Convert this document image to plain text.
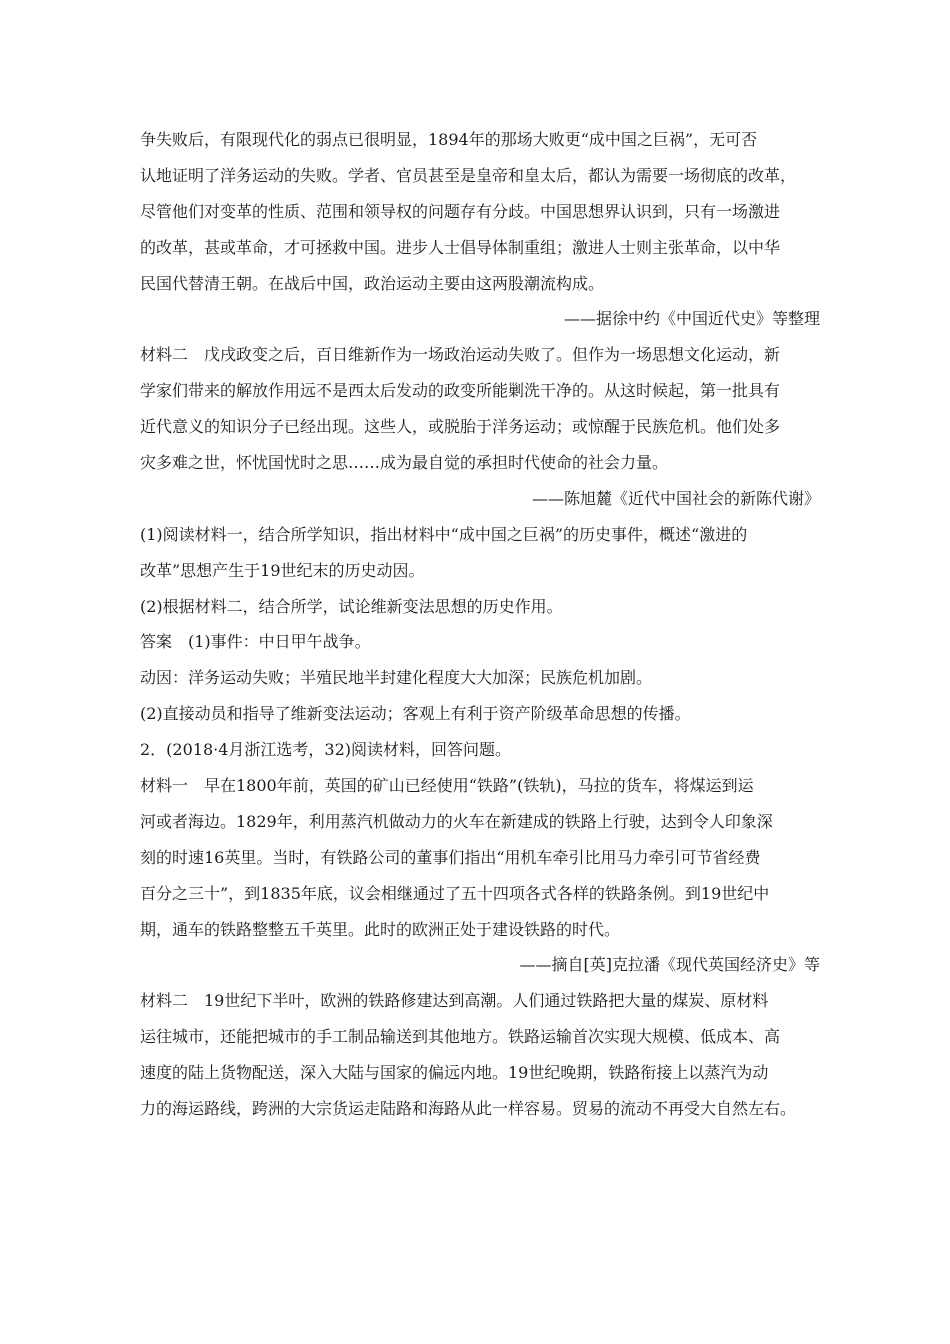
争失败后，有限现代化的弱点已很明显，1894年的那场大败更“成中国之巨祸”，无可否
认地证明了洋务运动的失败。学者、官员甚至是皇帝和皇太后，都认为需要一场彻底的改革，
尽管他们对变革的性质、范围和领导权的问题存有分歧。中国思想界认识到，只有一场激进
的改革，甚或革命，才可拯救中国。进步人士倡导体制重组；激进人士则主张革命，以中华
民国代替清王朝。在战后中国，政治运动主要由这两股潮流构成。
——据徐中约《中国近代史》等整理
材料二　戊戌政变之后，百日维新作为一场政治运动失败了。但作为一场思想文化运动，新
学家们带来的解放作用远不是西太后发动的政变所能剿洗干净的。从这时候起，第一批具有
近代意义的知识分子已经出现。这些人，或脱胎于洋务运动；或惊醒于民族危机。他们处多
灾多难之世，怀忧国忧时之思……成为最自觉的承担时代使命的社会力量。
——陈旭麓《近代中国社会的新陈代谢》
(1)阅读材料一，结合所学知识，指出材料中“成中国之巨祸”的历史事件，概述“激进的
改革”思想产生于19世纪末的历史动因。
(2)根据材料二，结合所学，试论维新变法思想的历史作用。
答案　(1)事件：中日甲午战争。
动因：洋务运动失败；半殖民地半封建化程度大大加深；民族危机加剧。
(2)直接动员和指导了维新变法运动；客观上有利于资产阶级革命思想的传播。
2．(2018·4月浙江选考，32)阅读材料，回答问题。
材料一　早在1800年前，英国的矿山已经使用“铁路”(铁轨)，马拉的货车，将煤运到运
河或者海边。1829年，利用蒸汽机做动力的火车在新建成的铁路上行驶，达到令人印象深
刻的时速16英里。当时，有铁路公司的董事们指出“用机车牵引比用马力牵引可节省经费
百分之三十”，到1835年底，议会相继通过了五十四项各式各样的铁路条例。到19世纪中
期，通车的铁路整整五千英里。此时的欧洲正处于建设铁路的时代。
——摘自[英]克拉潘《现代英国经济史》等
材料二　19世纪下半叶，欧洲的铁路修建达到高潮。人们通过铁路把大量的煤炭、原材料
运往城市，还能把城市的手工制品输送到其他地方。铁路运输首次实现大规模、低成本、高
速度的陆上货物配送，深入大陆与国家的偏远内地。19世纪晚期，铁路衔接上以蒸汽为动
力的海运路线，跨洲的大宗货运走陆路和海路从此一样容易。贸易的流动不再受大自然左右。
